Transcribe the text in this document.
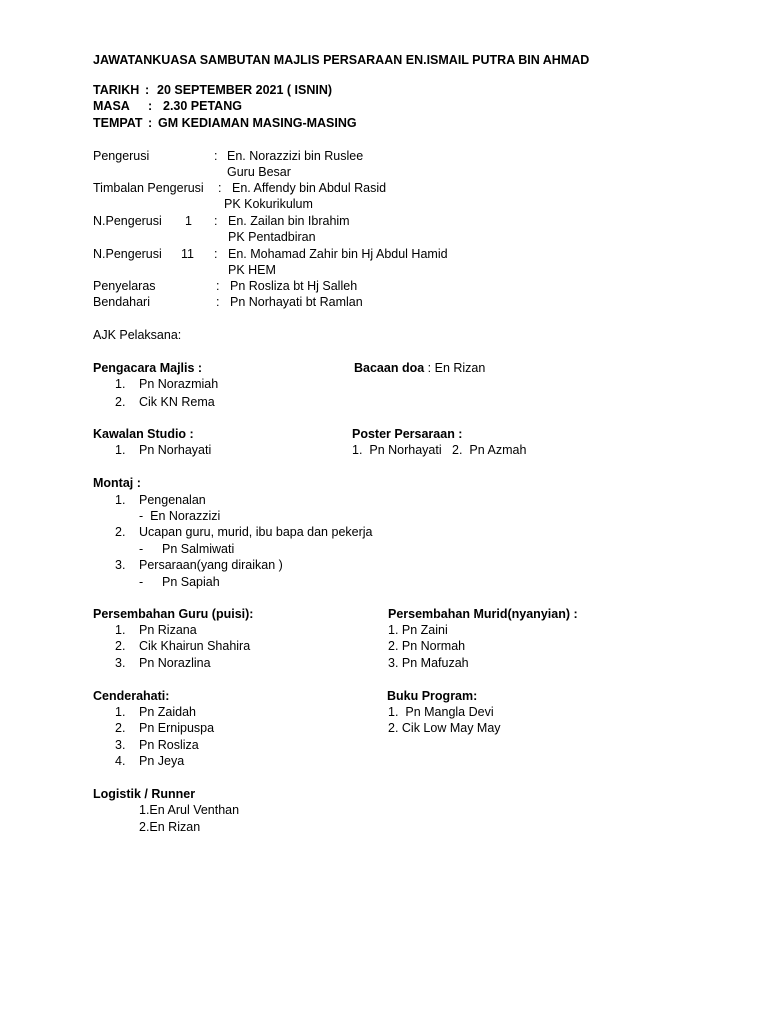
JAWATANKUASA SAMBUTAN MAJLIS PERSARAAN EN.ISMAIL PUTRA BIN AHMAD
TARIKH : 20 SEPTEMBER 2021 ( ISNIN)
MASA : 2.30 PETANG
TEMPAT : GM KEDIAMAN MASING-MASING
Pengerusi	: En. Norazzizi bin Ruslee
Guru Besar
Timbalan Pengerusi : En. Affendy bin Abdul Rasid
PK Kokurikulum
N.Pengerusi 1 : En. Zailan bin Ibrahim
PK Pentadbiran
N.Pengerusi 11 : En. Mohamad Zahir bin Hj Abdul Hamid
PK HEM
Penyelaras	: Pn Rosliza bt Hj Salleh
Bendahari	: Pn Norhayati bt Ramlan
AJK Pelaksana:
Pengacara Majlis :
1. Pn Norazmiah
2. Cik KN Rema
Bacaan doa : En Rizan
Kawalan Studio :
1. Pn Norhayati
Poster Persaraan :
1.  Pn Norhayati   2.  Pn Azmah
Montaj :
1. Pengenalan
-  En Norazzizi
2. Ucapan guru, murid, ibu bapa dan pekerja
- Pn Salmiwati
3. Persaraan(yang diraikan )
- Pn Sapiah
Persembahan Guru (puisi):
1. Pn Rizana
2. Cik Khairun Shahira
3. Pn Norazlina
Persembahan Murid(nyanyian) :
1. Pn Zaini
2. Pn Normah
3. Pn Mafuzah
Cenderahati:
1. Pn Zaidah
2. Pn Ernipuspa
3. Pn Rosliza
4. Pn Jeya
Buku Program:
1.  Pn Mangla Devi
2. Cik Low May May
Logistik / Runner
1.En Arul Venthan
2.En Rizan
